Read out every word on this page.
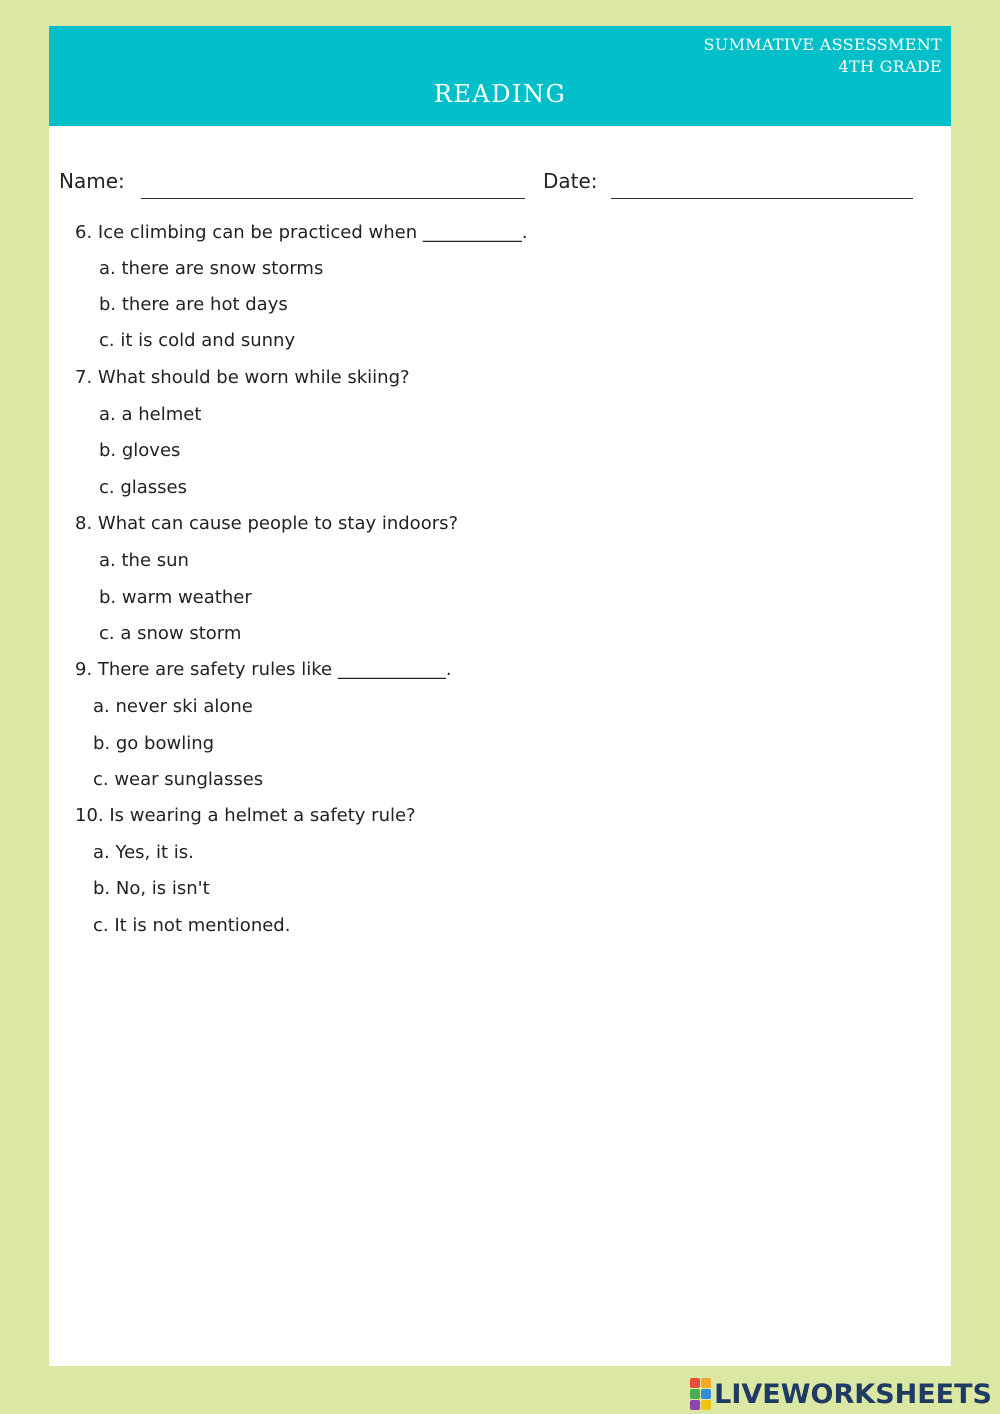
SUMMATIVE ASSESSMENT
4TH GRADE
READING
Name:	Date:
6. Ice climbing can be practiced when ___________.
a. there are snow storms
b. there are hot days
c. it is cold and sunny
7. What should be worn while skiing?
a. a helmet
b. gloves
c. glasses
8. What can cause people to stay indoors?
a. the sun
b. warm weather
c. a snow storm
9. There are safety rules like ____________.
a. never ski alone
b. go bowling
c. wear sunglasses
10. Is wearing a helmet a safety rule?
a. Yes, it is.
b. No, is isn't
c. It is not mentioned.
LIVEWORKSHEETS
